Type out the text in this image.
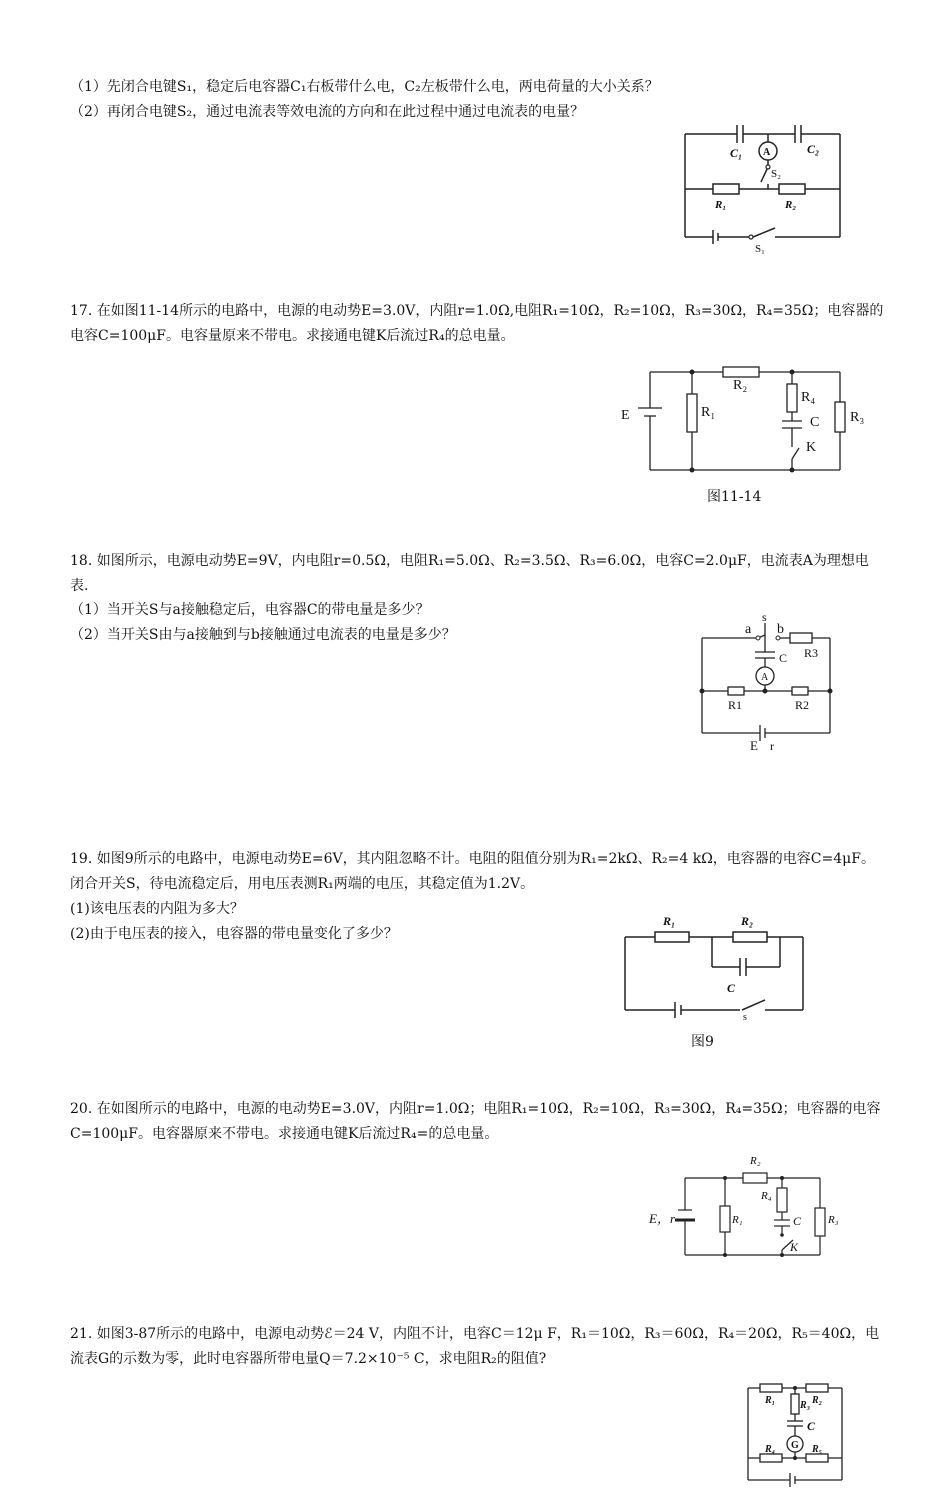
（1）先闭合电键S₁，稳定后电容器C₁右板带什么电，C₂左板带什么电，两电荷量的大小关系？
（2）再闭合电键S₂，通过电流表等效电流的方向和在此过程中通过电流表的电量？
C₁	C₂
A
S₂
R₁	R₂
S₁
17. 在如图11-14所示的电路中，电源的电动势E=3.0V，内阻r=1.0Ω,电阻R₁=10Ω，R₂=10Ω，R₃=30Ω，R₄=35Ω；电容器的电容C=100μF。电容量原来不带电。求接通电键K后流过R₄的总电量。
E	R₁
R₂
R₄
C
K
R₃
图11-14
18. 如图所示，电源电动势E=9V，内电阻r=0.5Ω，电阻R₁=5.0Ω、R₂=3.5Ω、R₃=6.0Ω，电容C=2.0μF，电流表A为理想电表.
（1）当开关S与a接触稳定后，电容器C的带电量是多少？
（2）当开关S由与a接触到与b接触通过电流表的电量是多少？	a
s
b
R3
C
A
R1	R2
E r
19. 如图9所示的电路中，电源电动势E=6V，其内阻忽略不计。电阻的阻值分别为R₁=2kΩ、R₂=4 kΩ，电容器的电容C=4μF。闭合开关S，待电流稳定后，用电压表测R₁两端的电压，其稳定值为1.2V。
(1)该电压表的内阻为多大？
(2)由于电压表的接入，电容器的带电量变化了多少？
R₁	R₂
C
s
图9
20. 在如图所示的电路中，电源的电动势E=3.0V，内阻r=1.0Ω；电阻R₁=10Ω，R₂=10Ω，R₃=30Ω，R₄=35Ω；电容器的电容C=100μF。电容器原来不带电。求接通电键K后流过R₄=的总电量。
R₂
R₄
E，r	R₁	C R₃
K
21. 如图3-87所示的电路中，电源电动势ℰ＝24 V，内阻不计，电容C＝12μ F，R₁＝10Ω，R₃＝60Ω，R₄＝20Ω，R₅＝40Ω，电流表G的示数为零，此时电容器所带电量Q＝7.2×10⁻⁵ C，求电阻R₂的阻值?
R₁	R₂
R₃
C
G
R₄	R₅
